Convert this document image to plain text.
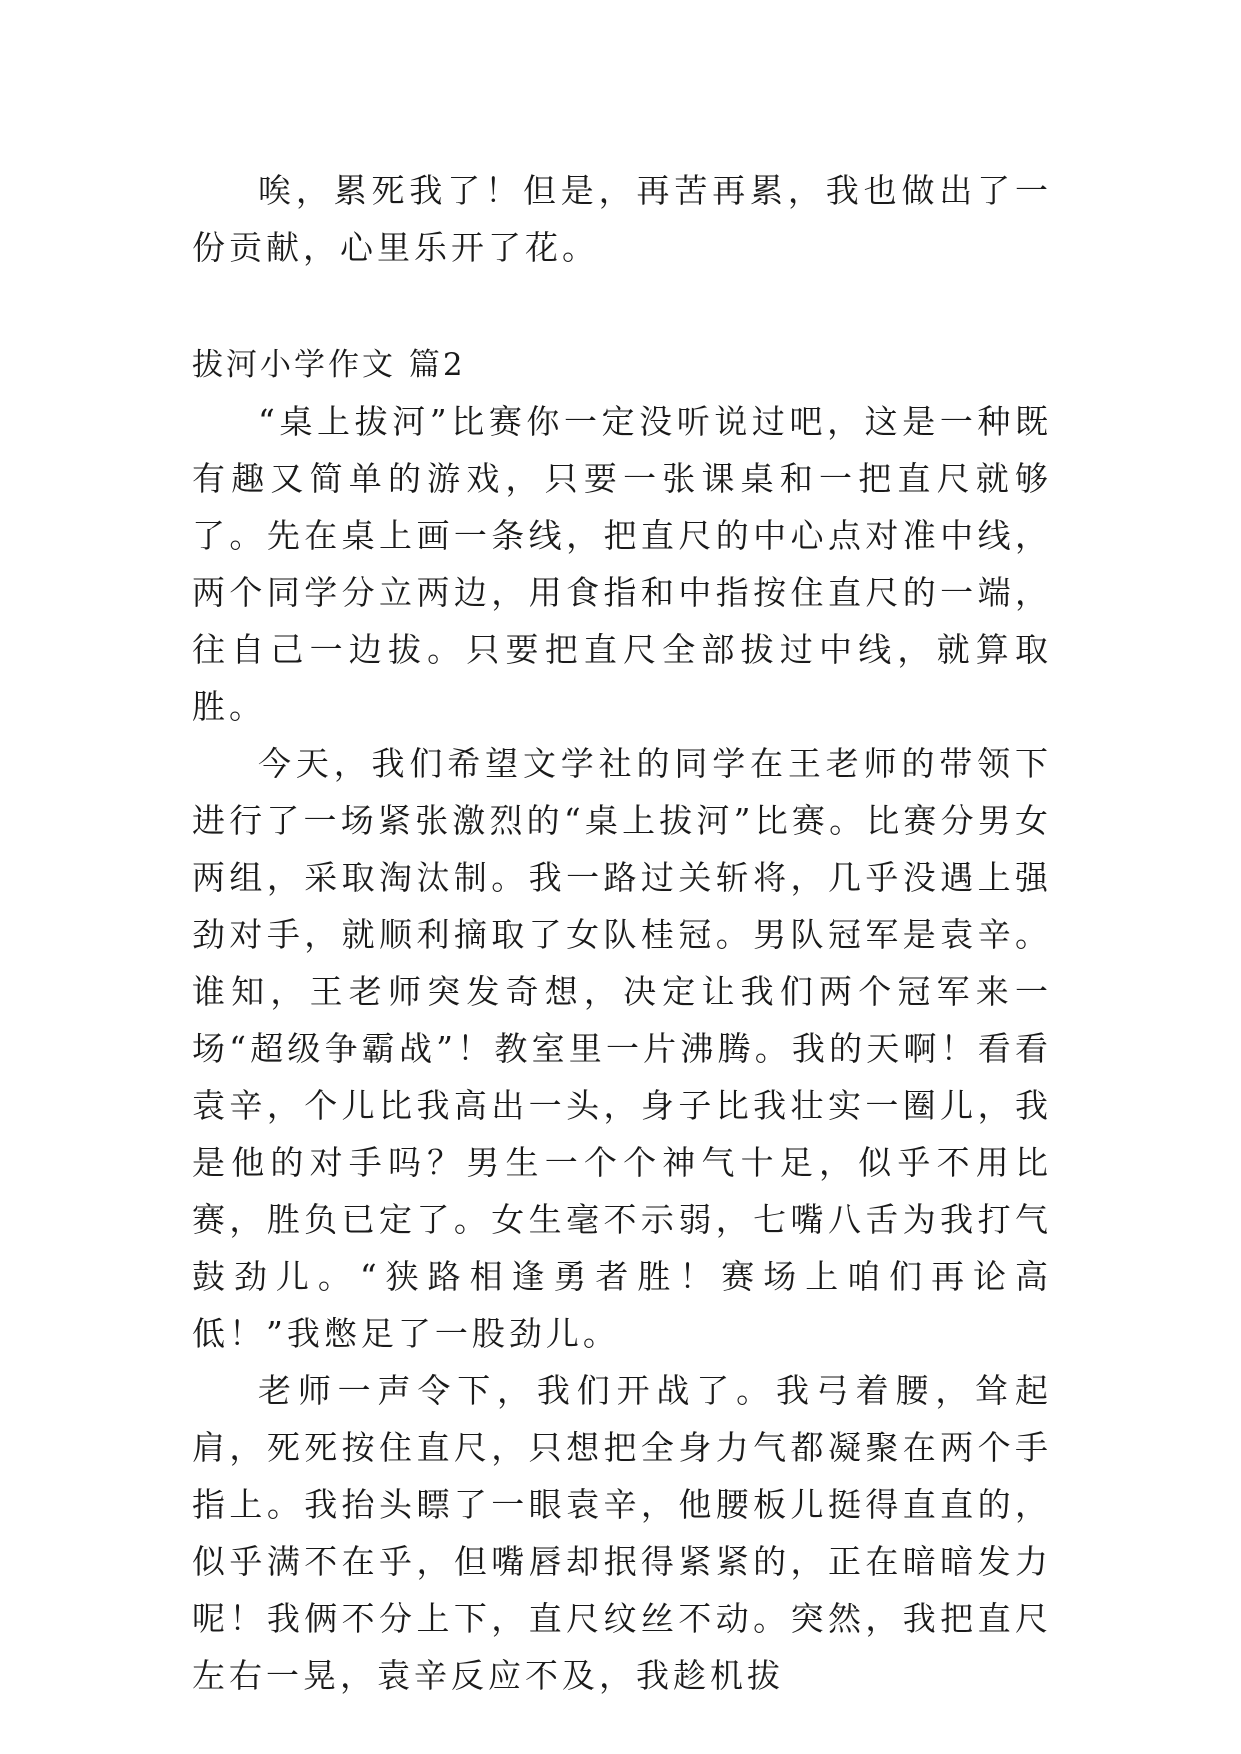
唉，累死我了！但是，再苦再累，我也做出了一份贡献，心里乐开了花。

拔河小学作文 篇2

“桌上拔河”比赛你一定没听说过吧，这是一种既有趣又简单的游戏，只要一张课桌和一把直尺就够了。先在桌上画一条线，把直尺的中心点对准中线，两个同学分立两边，用食指和中指按住直尺的一端，往自己一边拔。只要把直尺全部拔过中线，就算取胜。

今天，我们希望文学社的同学在王老师的带领下进行了一场紧张激烈的“桌上拔河”比赛。比赛分男女两组，采取淘汰制。我一路过关斩将，几乎没遇上强劲对手，就顺利摘取了女队桂冠。男队冠军是袁辛。谁知，王老师突发奇想，决定让我们两个冠军来一场“超级争霸战”！教室里一片沸腾。我的天啊！看看袁辛，个儿比我高出一头，身子比我壮实一圈儿，我是他的对手吗？男生一个个神气十足，似乎不用比赛，胜负已定了。女生毫不示弱，七嘴八舌为我打气鼓劲儿。“狭路相逢勇者胜！赛场上咱们再论高低！”我憋足了一股劲儿。

老师一声令下，我们开战了。我弓着腰，耸起肩，死死按住直尺，只想把全身力气都凝聚在两个手指上。我抬头瞟了一眼袁辛，他腰板儿挺得直直的，似乎满不在乎，但嘴唇却抿得紧紧的，正在暗暗发力呢！我俩不分上下，直尺纹丝不动。突然，我把直尺左右一晃，袁辛反应不及，我趁机拔
